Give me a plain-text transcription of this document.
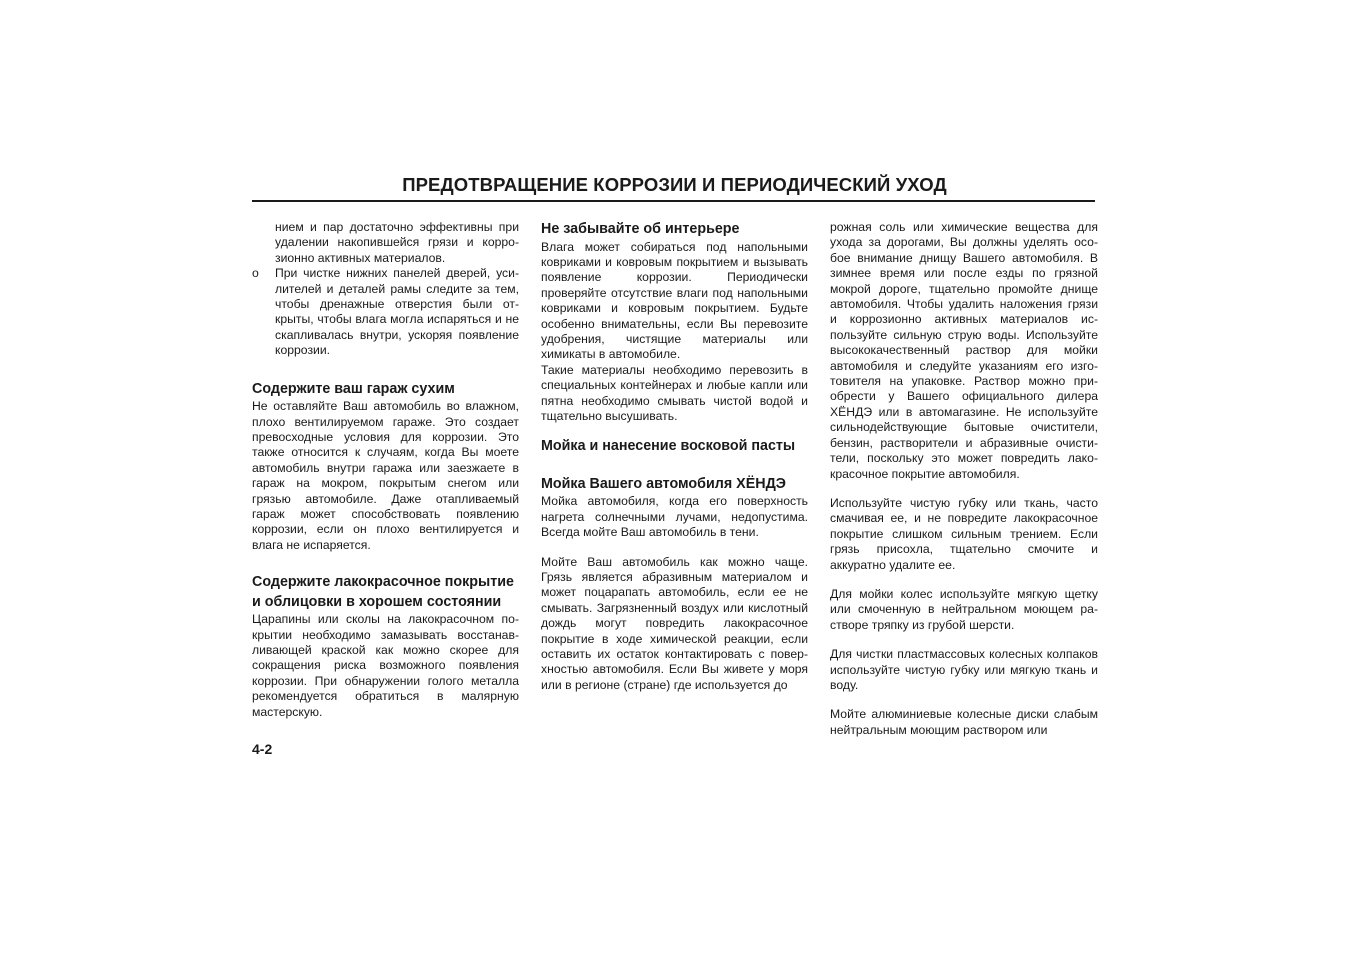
ПРЕДОТВРАЩЕНИЕ КОРРОЗИИ И ПЕРИОДИЧЕСКИЙ УХОД

нием и пар достаточно эффективны при удалении накопившейся грязи и коррозионно активных материалов.

o При чистке нижних панелей дверей, усилителей и деталей рамы следите за тем, чтобы дренажные отверстия были открыты, чтобы влага могла испаряться и не скапливалась внутри, ускоряя появление коррозии.

Содержите ваш гараж сухим

Не оставляйте Ваш автомобиль во влажном, плохо вентилируемом гараже. Это создает превосходные условия для коррозии. Это также относится к случаям, когда Вы моете автомобиль внутри гаража или заезжаете в гараж на мокром, покрытым снегом или грязью автомобиле. Даже отапливаемый гараж может способствовать появлению коррозии, если он плохо вентилируется и влага не испаряется.

Содержите лакокрасочное покрытие и облицовки в хорошем состоянии

Царапины или сколы на лакокрасочном покрытии необходимо замазывать восстанавливающей краской как можно скорее для сокращения риска возможного появления коррозии. При обнаружении голого металла рекомендуется обратиться в малярную мастерскую.

Не забывайте об интерьере

Влага может собираться под напольными ковриками и ковровым покрытием и вызывать появление коррозии. Периодически проверяйте отсутствие влаги под напольными ковриками и ковровым покрытием. Будьте особенно внимательны, если Вы перевозите удобрения, чистящие материалы или химикаты в автомобиле.

Такие материалы необходимо перевозить в специальных контейнерах и любые капли или пятна необходимо смывать чистой водой и тщательно высушивать.

Мойка и нанесение восковой пасты
Мойка Вашего автомобиля ХЁНДЭ

Мойка автомобиля, когда его поверхность нагрета солнечными лучами, недопустима. Всегда мойте Ваш автомобиль в тени.

Мойте Ваш автомобиль как можно чаще. Грязь является абразивным материалом и может поцарапать автомобиль, если ее не смывать. Загрязненный воздух или кислотный дождь могут повредить лакокрасочное покрытие в ходе химической реакции, если оставить их остаток контактировать с поверхностью автомобиля. Если Вы живете у моря или в регионе (стране) где используется до

рожная соль или химические вещества для ухода за дорогами, Вы должны уделять особое внимание днищу Вашего автомобиля. В зимнее время или после езды по грязной мокрой дороге, тщательно промойте днище автомобиля. Чтобы удалить наложения грязи и коррозионно активных материалов используйте сильную струю воды. Используйте высококачественный раствор для мойки автомобиля и следуйте указаниям его изготовителя на упаковке. Раствор можно приобрести у Вашего официального дилера ХЁНДЭ или в автомагазине. Не используйте сильнодействующие бытовые очистители, бензин, растворители и абразивные очистители, поскольку это может повредить лакокрасочное покрытие автомобиля.

Используйте чистую губку или ткань, часто смачивая ее, и не повредите лакокрасочное покрытие слишком сильным трением. Если грязь присохла, тщательно смочите и аккуратно удалите ее.

Для мойки колес используйте мягкую щетку или смоченную в нейтральном моющем растворе тряпку из грубой шерсти.

Для чистки пластмассовых колесных колпаков используйте чистую губку или мягкую ткань и воду.

Мойте алюминиевые колесные диски слабым нейтральным моющим раствором или

4-2
